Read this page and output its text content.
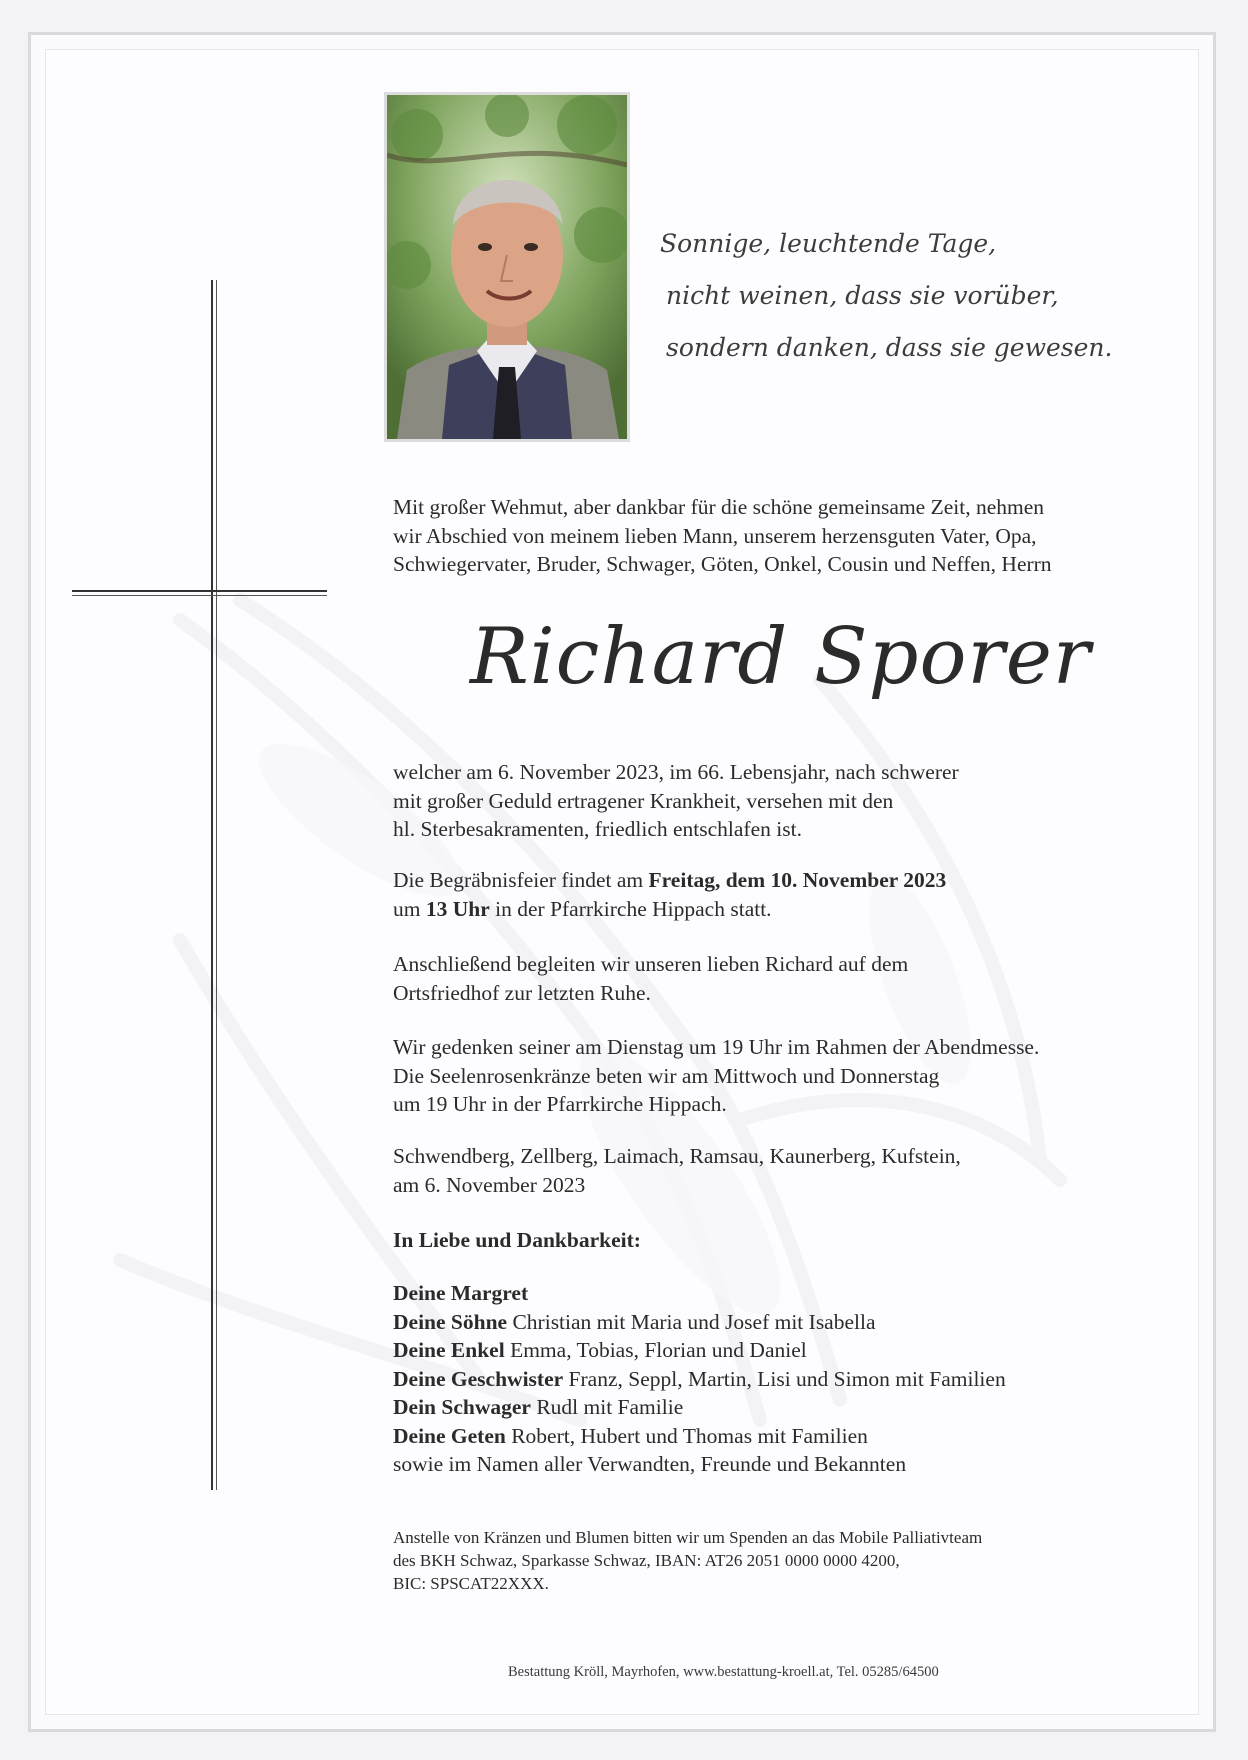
Sonnige, leuchtende Tage,
nicht weinen, dass sie vorüber,
sondern danken, dass sie gewesen.

Mit großer Wehmut, aber dankbar für die schöne gemeinsame Zeit, nehmen

wir Abschied von meinem lieben Mann, unserem herzensguten Vater, Opa,

Schwiegervater, Bruder, Schwager, Göten, Onkel, Cousin und Neffen, Herrn

Richard Sporer

welcher am 6. November 2023, im 66. Lebensjahr, nach schwerer

mit großer Geduld ertragener Krankheit, versehen mit den

hl. Sterbesakramenten, friedlich entschlafen ist.

Die Begräbnisfeier findet am Freitag, dem 10. November 2023

um 13 Uhr in der Pfarrkirche Hippach statt.

Anschließend begleiten wir unseren lieben Richard auf dem

Ortsfriedhof zur letzten Ruhe.

Wir gedenken seiner am Dienstag um 19 Uhr im Rahmen der Abendmesse.

Die Seelenrosenkränze beten wir am Mittwoch und Donnerstag

um 19 Uhr in der Pfarrkirche Hippach.

Schwendberg, Zellberg, Laimach, Ramsau, Kaunerberg, Kufstein,

am 6. November 2023

In Liebe und Dankbarkeit:

Deine Margret

Deine Söhne Christian mit Maria und Josef mit Isabella

Deine Enkel Emma, Tobias, Florian und Daniel

Deine Geschwister Franz, Seppl, Martin, Lisi und Simon mit Familien

Dein Schwager Rudl mit Familie

Deine Geten Robert, Hubert und Thomas mit Familien

sowie im Namen aller Verwandten, Freunde und Bekannten

Anstelle von Kränzen und Blumen bitten wir um Spenden an das Mobile Palliativteam

des BKH Schwaz, Sparkasse Schwaz, IBAN: AT26 2051 0000 0000 4200,

BIC: SPSCAT22XXX.

Bestattung Kröll, Mayrhofen, www.bestattung-kroell.at, Tel. 05285/64500
